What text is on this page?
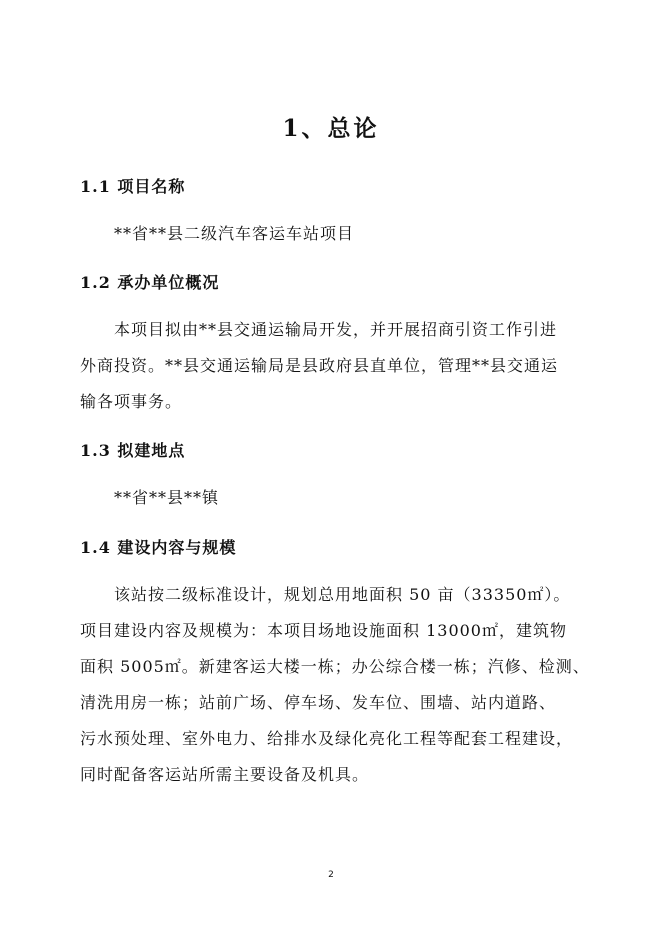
1、总论
1.1 项目名称
**省**县二级汽车客运车站项目
1.2 承办单位概况
本项目拟由**县交通运输局开发，并开展招商引资工作引进
外商投资。**县交通运输局是县政府县直单位，管理**县交通运
输各项事务。
1.3 拟建地点
**省**县**镇
1.4 建设内容与规模
该站按二级标准设计，规划总用地面积 50 亩（33350㎡）。
项目建设内容及规模为：本项目场地设施面积 13000㎡，建筑物
面积 5005㎡。新建客运大楼一栋；办公综合楼一栋；汽修、检测、
清洗用房一栋；站前广场、停车场、发车位、围墙、站内道路、
污水预处理、室外电力、给排水及绿化亮化工程等配套工程建设，
同时配备客运站所需主要设备及机具。
2
